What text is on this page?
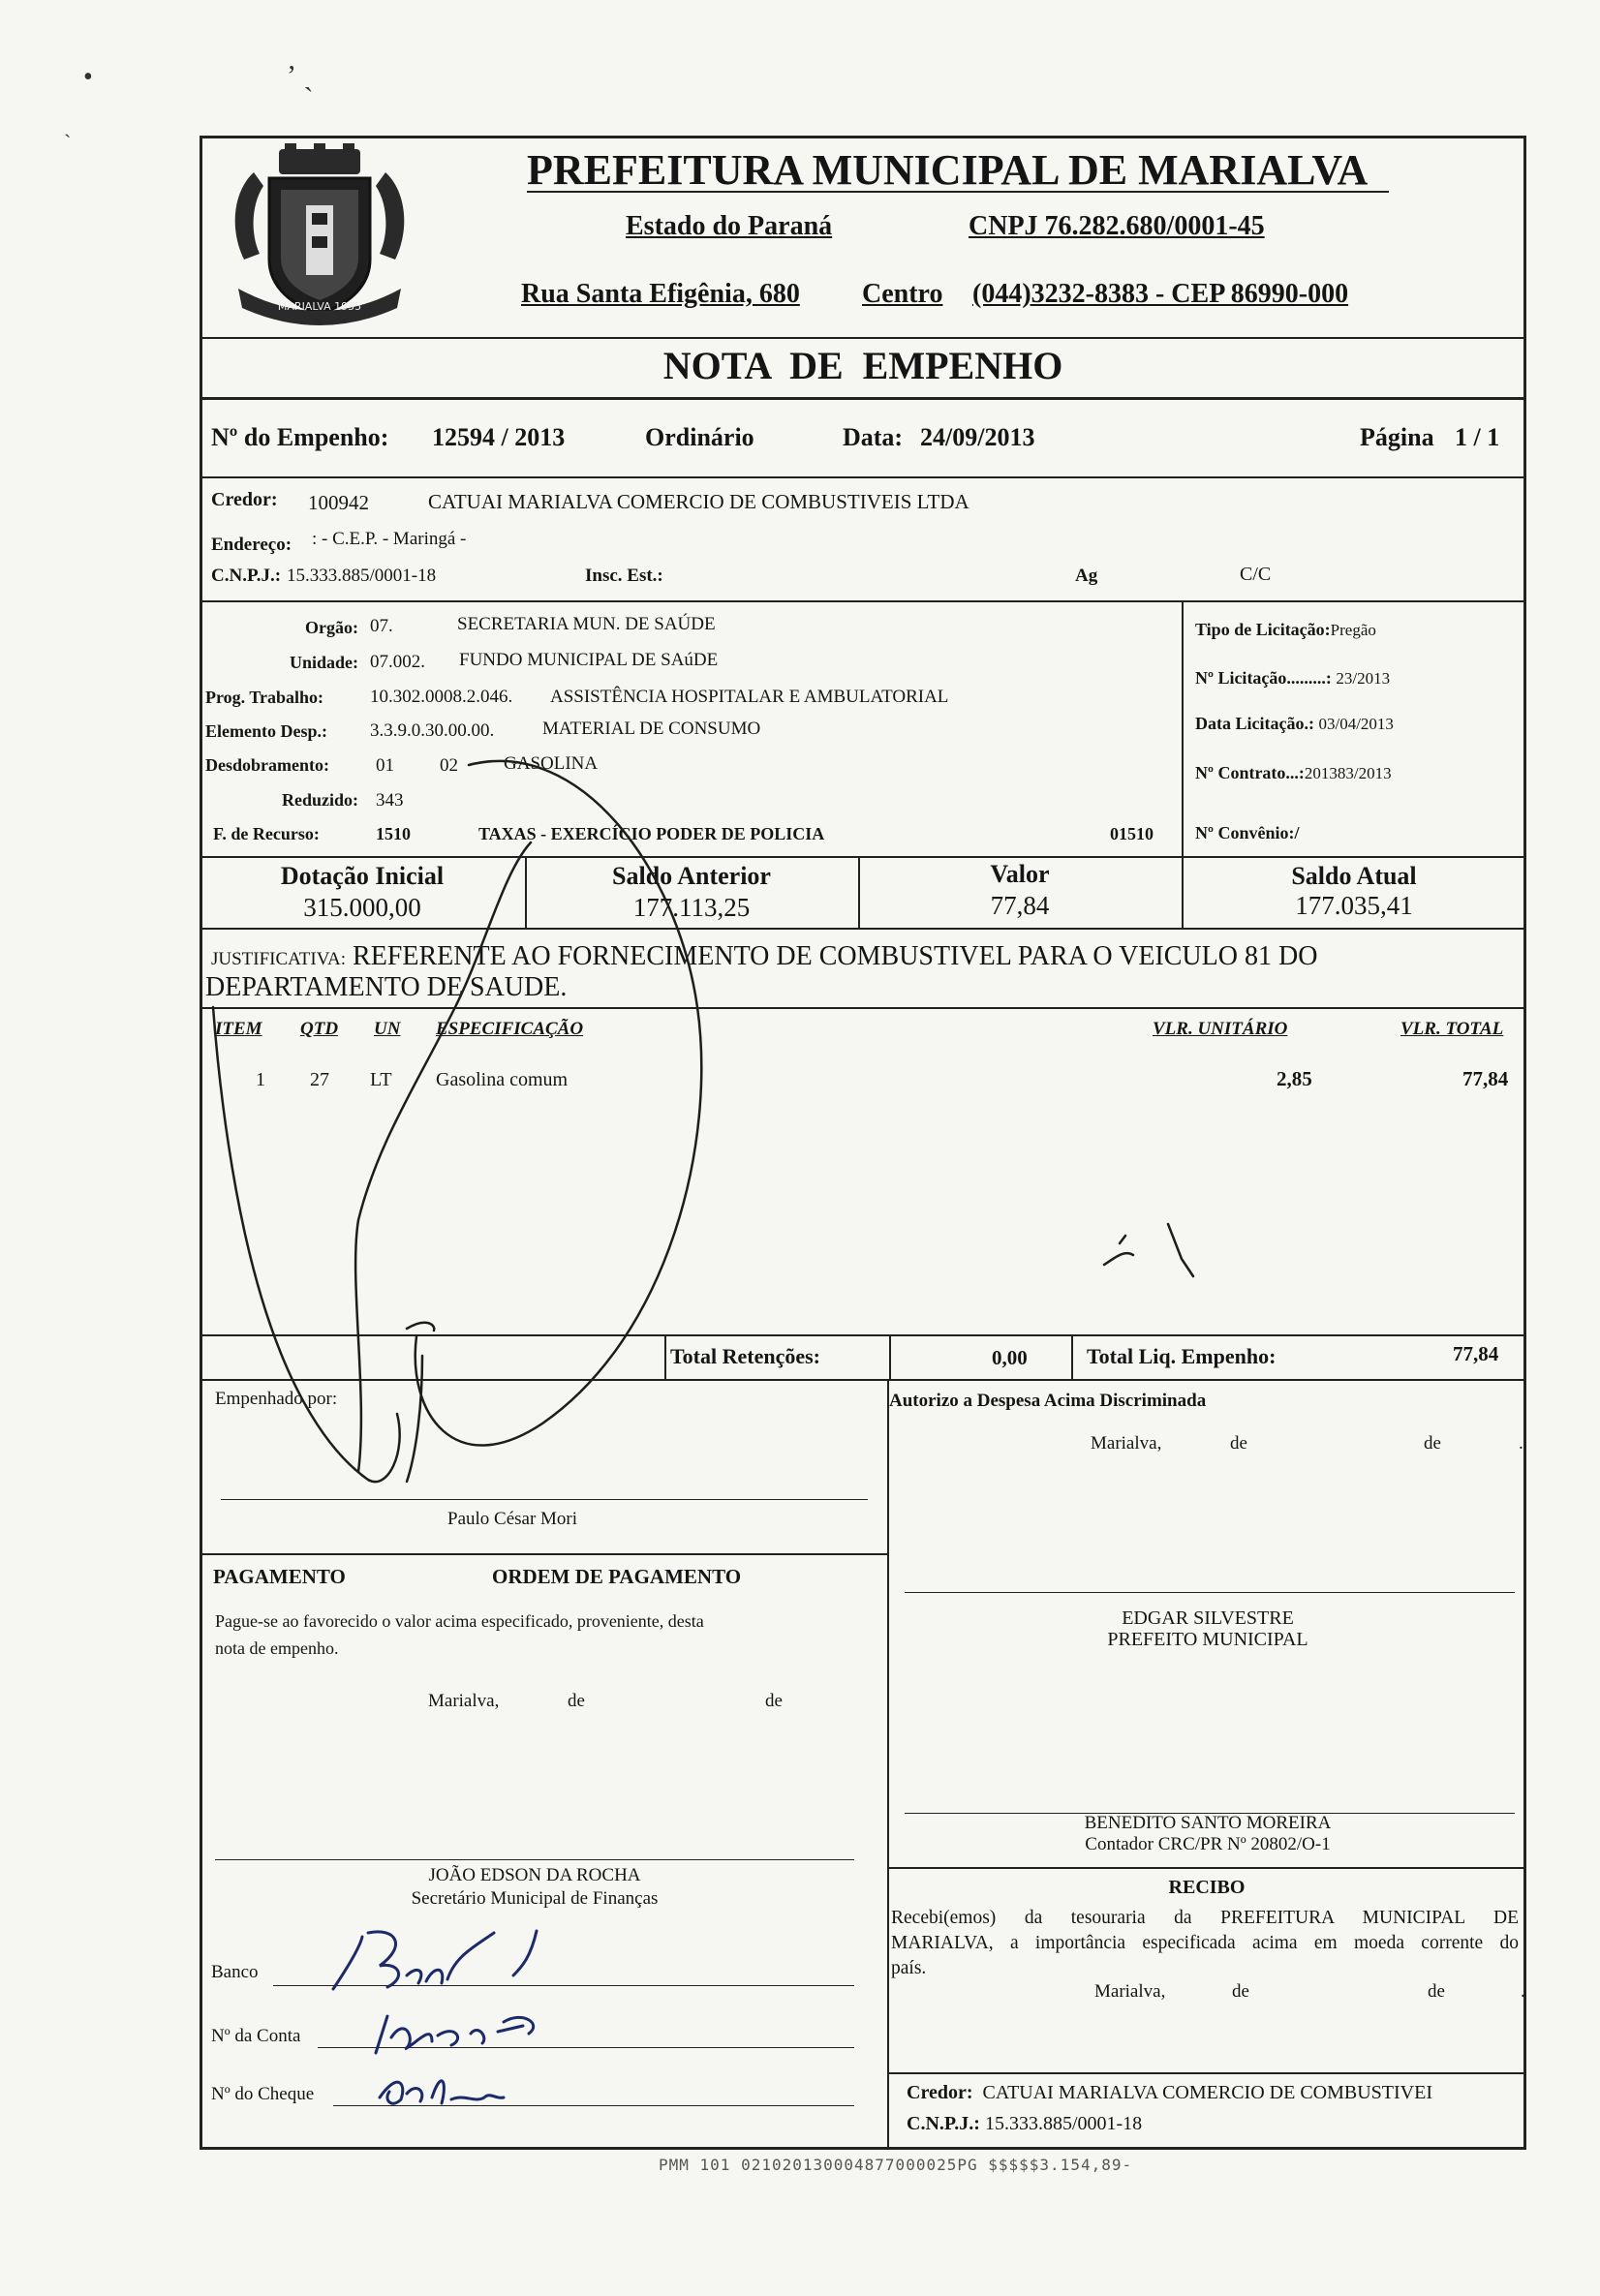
•	ʼ ˎ
`
MARIALVA 1955
PREFEITURA MUNICIPAL DE MARIALVA
Estado do Paraná	CNPJ 76.282.680/0001-45
Rua Santa Efigênia, 680 Centro (044)3232-8383 - CEP 86990-000
NOTA DE EMPENHO
Nº do Empenho: 12594 / 2013	Ordinário	Data: 24/09/2013	Página 1 / 1
Credor: 100942	CATUAI MARIALVA COMERCIO DE COMBUSTIVEIS LTDA
Endereço: : - C.E.P. - Maringá -
C.N.P.J.: 15.333.885/0001-18	Insc. Est.:	Ag	C/C
Orgão: 07.	SECRETARIA MUN. DE SAÚDE
Unidade: 07.002. FUNDO MUNICIPAL DE SAúDE
Prog. Trabalho:	10.302.0008.2.046. ASSISTÊNCIA HOSPITALAR E AMBULATORIAL
Elemento Desp.: 3.3.9.0.30.00.00.	MATERIAL DE CONSUMO
Desdobramento:	01 02 GASOLINA
Reduzido: 343
F. de Recurso:	1510	TAXAS - EXERCÍCIO PODER DE POLICIA	01510
Tipo de Licitação:Pregão
Nº Licitação.........: 23/2013
Data Licitação.: 03/04/2013
Nº Contrato...:201383/2013
Nº Convênio:/
Dotação Inicial
315.000,00
Saldo Anterior
177.113,25
Valor
77,84
Saldo Atual
177.035,41
JUSTIFICATIVA: REFERENTE AO FORNECIMENTO DE COMBUSTIVEL PARA O VEICULO 81 DO
DEPARTAMENTO DE SAUDE.
ITEM QTD UN ESPECIFICAÇÃO	VLR. UNITÁRIO	VLR. TOTAL
1 27 LT Gasolina comum	2,85	77,84
Total Retenções:	0,00	Total Liq. Empenho:	77,84
Empenhado por:
Paulo César Mori
Autorizo a Despesa Acima Discriminada
Marialva,	de	de	.
PAGAMENTO	ORDEM DE PAGAMENTO
Pague-se ao favorecido o valor acima especificado, proveniente, desta
nota de empenho.
Marialva,	de	de
EDGAR SILVESTRE
PREFEITO MUNICIPAL
BENEDITO SANTO MOREIRA
Contador CRC/PR Nº 20802/O-1
JOÃO EDSON DA ROCHA
Secretário Municipal de Finanças
RECIBO
Recebi(emos) da tesouraria da PREFEITURA MUNICIPAL DE
MARIALVA, a importância especificada acima em moeda corrente do
país.
Marialva,	de	de	.
Banco
Nº da Conta
Nº do Cheque	Credor: CATUAI MARIALVA COMERCIO DE COMBUSTIVEI
C.N.P.J.: 15.333.885/0001-18
PMM 101 021020130004877000025PG $$$$$3.154,89-
